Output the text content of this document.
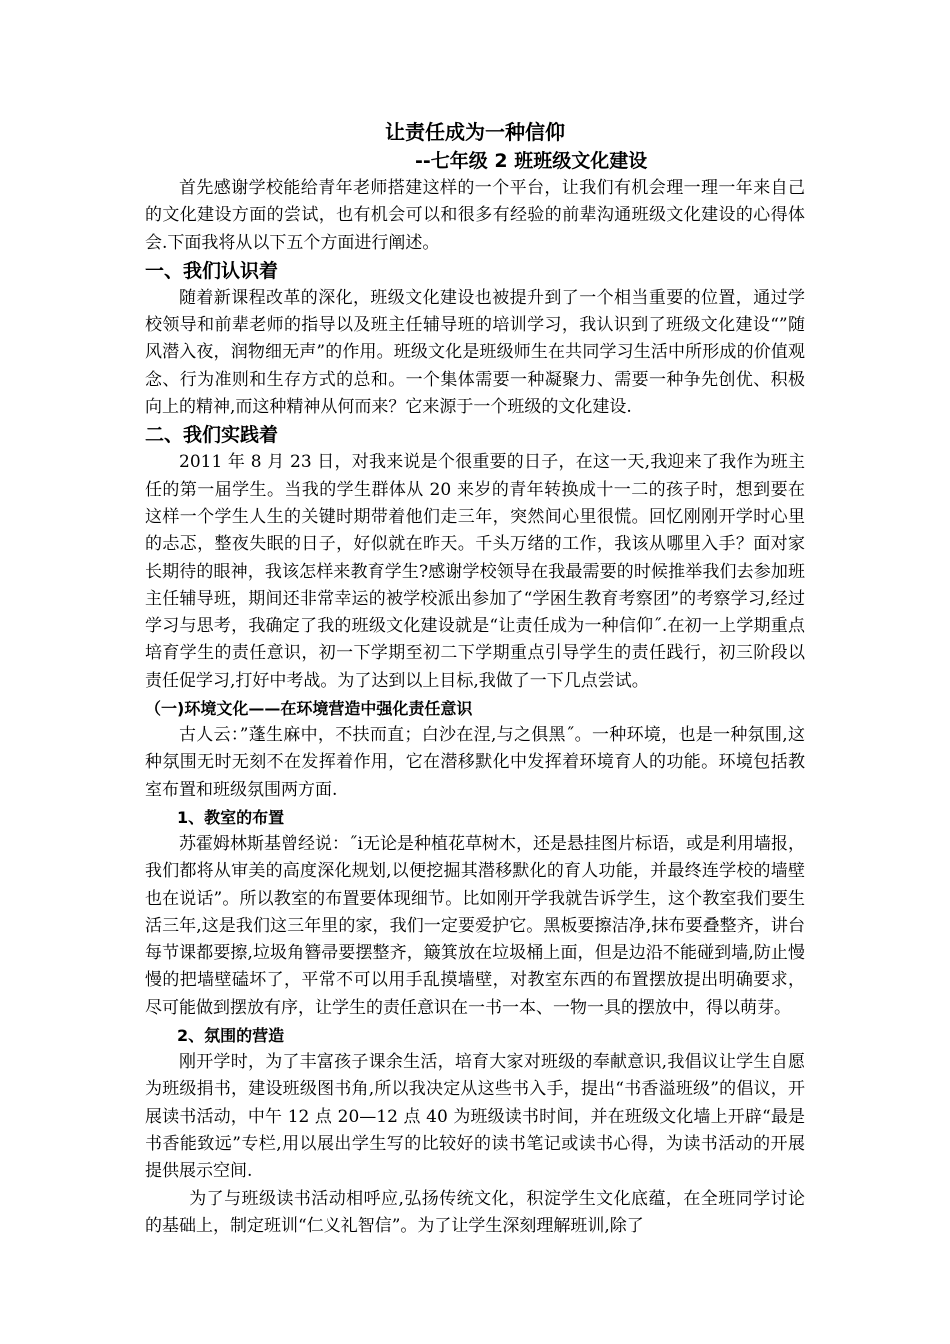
让责任成为一种信仰
--七年级 2 班班级文化建设

首先感谢学校能给青年老师搭建这样的一个平台，让我们有机会理一理一年来自己的文化建设方面的尝试，也有机会可以和很多有经验的前辈沟通班级文化建设的心得体会.下面我将从以下五个方面进行阐述。

一、我们认识着

随着新课程改革的深化，班级文化建设也被提升到了一个相当重要的位置，通过学校领导和前辈老师的指导以及班主任辅导班的培训学习，我认识到了班级文化建设“”随风潜入夜，润物细无声”的作用。班级文化是班级师生在共同学习生活中所形成的价值观念、行为准则和生存方式的总和。一个集体需要一种凝聚力、需要一种争先创优、积极向上的精神,而这种精神从何而来？它来源于一个班级的文化建设.

二、我们实践着

2011 年 8 月 23 日，对我来说是个很重要的日子，在这一天,我迎来了我作为班主任的第一届学生。当我的学生群体从 20 来岁的青年转换成十一二的孩子时，想到要在这样一个学生人生的关键时期带着他们走三年，突然间心里很慌。回忆刚刚开学时心里的忐忑，整夜失眠的日子，好似就在昨天。千头万绪的工作，我该从哪里入手？面对家长期待的眼神，我该怎样来教育学生?感谢学校领导在我最需要的时候推举我们去参加班主任辅导班，期间还非常幸运的被学校派出参加了“学困生教育考察团”的考察学习,经过学习与思考，我确定了我的班级文化建设就是“让责任成为一种信仰˝.在初一上学期重点培育学生的责任意识，初一下学期至初二下学期重点引导学生的责任践行，初三阶段以责任促学习,打好中考战。为了达到以上目标,我做了一下几点尝试。

（一)环境文化——在环境营造中强化责任意识

古人云：”蓬生麻中，不扶而直；白沙在涅,与之俱黑˝。一种环境，也是一种氛围,这种氛围无时无刻不在发挥着作用，它在潜移默化中发挥着环境育人的功能。环境包括教室布置和班级氛围两方面.

1、教室的布置

苏霍姆林斯基曾经说：˝i无论是种植花草树木，还是悬挂图片标语，或是利用墙报，我们都将从审美的高度深化规划,以便挖掘其潜移默化的育人功能，并最终连学校的墙壁也在说话”。所以教室的布置要体现细节。比如刚开学我就告诉学生，这个教室我们要生活三年,这是我们这三年里的家，我们一定要爱护它。黑板要擦洁净,抹布要叠整齐，讲台每节课都要擦,垃圾角簪帚要摆整齐，簸箕放在垃圾桶上面，但是边沿不能碰到墙,防止慢慢的把墙壁磕坏了，平常不可以用手乱摸墙壁，对教室东西的布置摆放提出明确要求，尽可能做到摆放有序，让学生的责任意识在一书一本、一物一具的摆放中，得以萌芽。

2、氛围的营造

刚开学时，为了丰富孩子课余生活，培育大家对班级的奉献意识,我倡议让学生自愿为班级捐书，建设班级图书角,所以我决定从这些书入手，提出“书香溢班级”的倡议，开展读书活动，中午 12 点 20—12 点 40 为班级读书时间，并在班级文化墙上开辟“最是书香能致远”专栏,用以展出学生写的比较好的读书笔记或读书心得，为读书活动的开展提供展示空间.

为了与班级读书活动相呼应,弘扬传统文化，积淀学生文化底蕴，在全班同学讨论的基础上，制定班训“仁义礼智信”。为了让学生深刻理解班训,除了
